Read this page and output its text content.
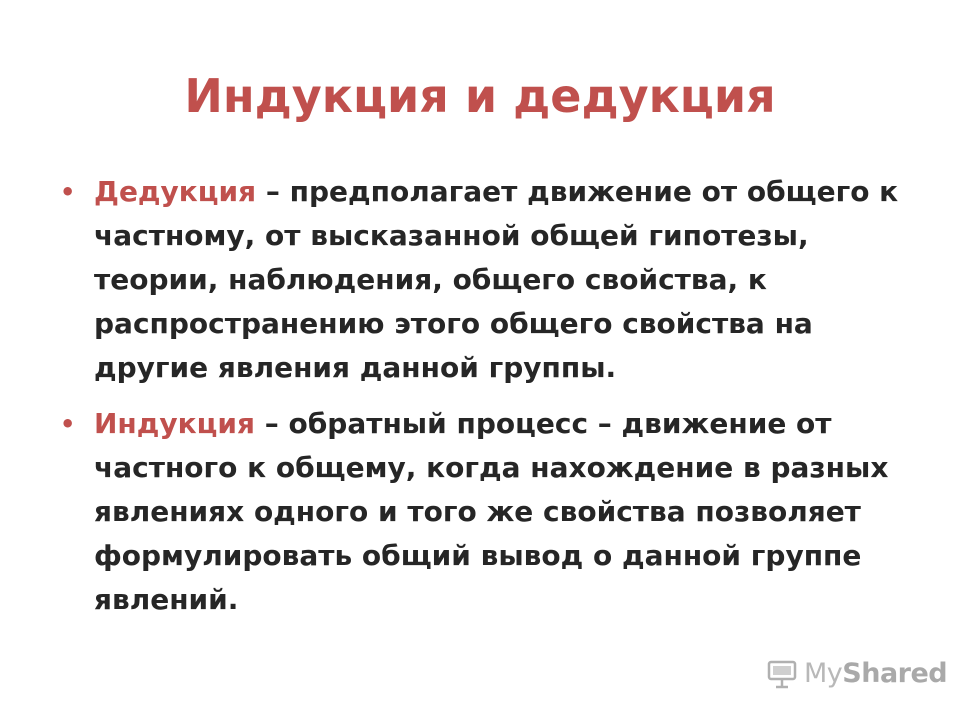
Индукция и дедукция
• Дедукция – предполагает движение от общего к частному, от высказанной общей гипотезы, теории, наблюдения, общего свойства, к распространению этого общего свойства на другие явления данной группы.
• Индукция – обратный процесс – движение от частного к общему, когда нахождение в разных явлениях одного и того же свойства позволяет формулировать общий вывод о данной группе явлений.
MyShared
